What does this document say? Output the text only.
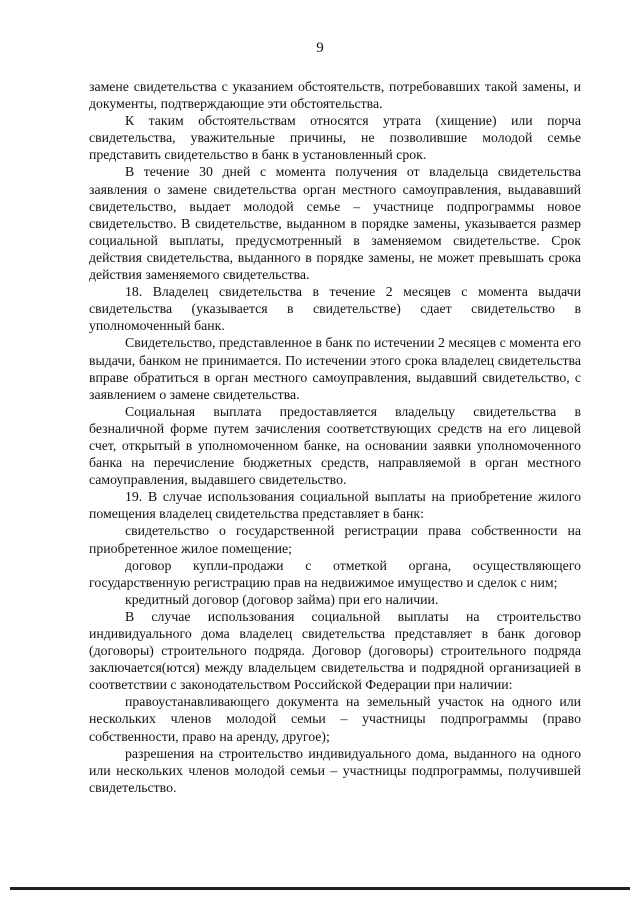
9

замене свидетельства с указанием обстоятельств, потребовавших такой замены, и документы, подтверждающие эти обстоятельства.

К таким обстоятельствам относятся утрата (хищение) или порча свидетельства, уважительные причины, не позволившие молодой семье представить свидетельство в банк в установленный срок.

В течение 30 дней с момента получения от владельца свидетельства заявления о замене свидетельства орган местного самоуправления, выдававший свидетельство, выдает молодой семье – участнице подпрограммы новое свидетельство. В свидетельстве, выданном в порядке замены, указывается размер социальной выплаты, предусмотренный в заменяемом свидетельстве. Срок действия свидетельства, выданного в порядке замены, не может превышать срока действия заменяемого свидетельства.

18. Владелец свидетельства в течение 2 месяцев с момента выдачи свидетельства (указывается в свидетельстве) сдает свидетельство в уполномоченный банк.

Свидетельство, представленное в банк по истечении 2 месяцев с момента его выдачи, банком не принимается. По истечении этого срока владелец свидетельства вправе обратиться в орган местного самоуправления, выдавший свидетельство, с заявлением о замене свидетельства.

Социальная выплата предоставляется владельцу свидетельства в безналичной форме путем зачисления соответствующих средств на его лицевой счет, открытый в уполномоченном банке, на основании заявки уполномоченного банка на перечисление бюджетных средств, направляемой в орган местного самоуправления, выдавшего свидетельство.

19. В случае использования социальной выплаты на приобретение жилого помещения владелец свидетельства представляет в банк:

свидетельство о государственной регистрации права собственности на приобретенное жилое помещение;

договор купли-продажи с отметкой органа, осуществляющего государственную регистрацию прав на недвижимое имущество и сделок с ним;

кредитный договор (договор займа) при его наличии.

В случае использования социальной выплаты на строительство индивидуального дома владелец свидетельства представляет в банк договор (договоры) строительного подряда. Договор (договоры) строительного подряда заключается(ются) между владельцем свидетельства и подрядной организацией в соответствии с законодательством Российской Федерации при наличии:

правоустанавливающего документа на земельный участок на одного или нескольких членов молодой семьи – участницы подпрограммы (право собственности, право на аренду, другое);

разрешения на строительство индивидуального дома, выданного на одного или нескольких членов молодой семьи – участницы подпрограммы, получившей свидетельство.
